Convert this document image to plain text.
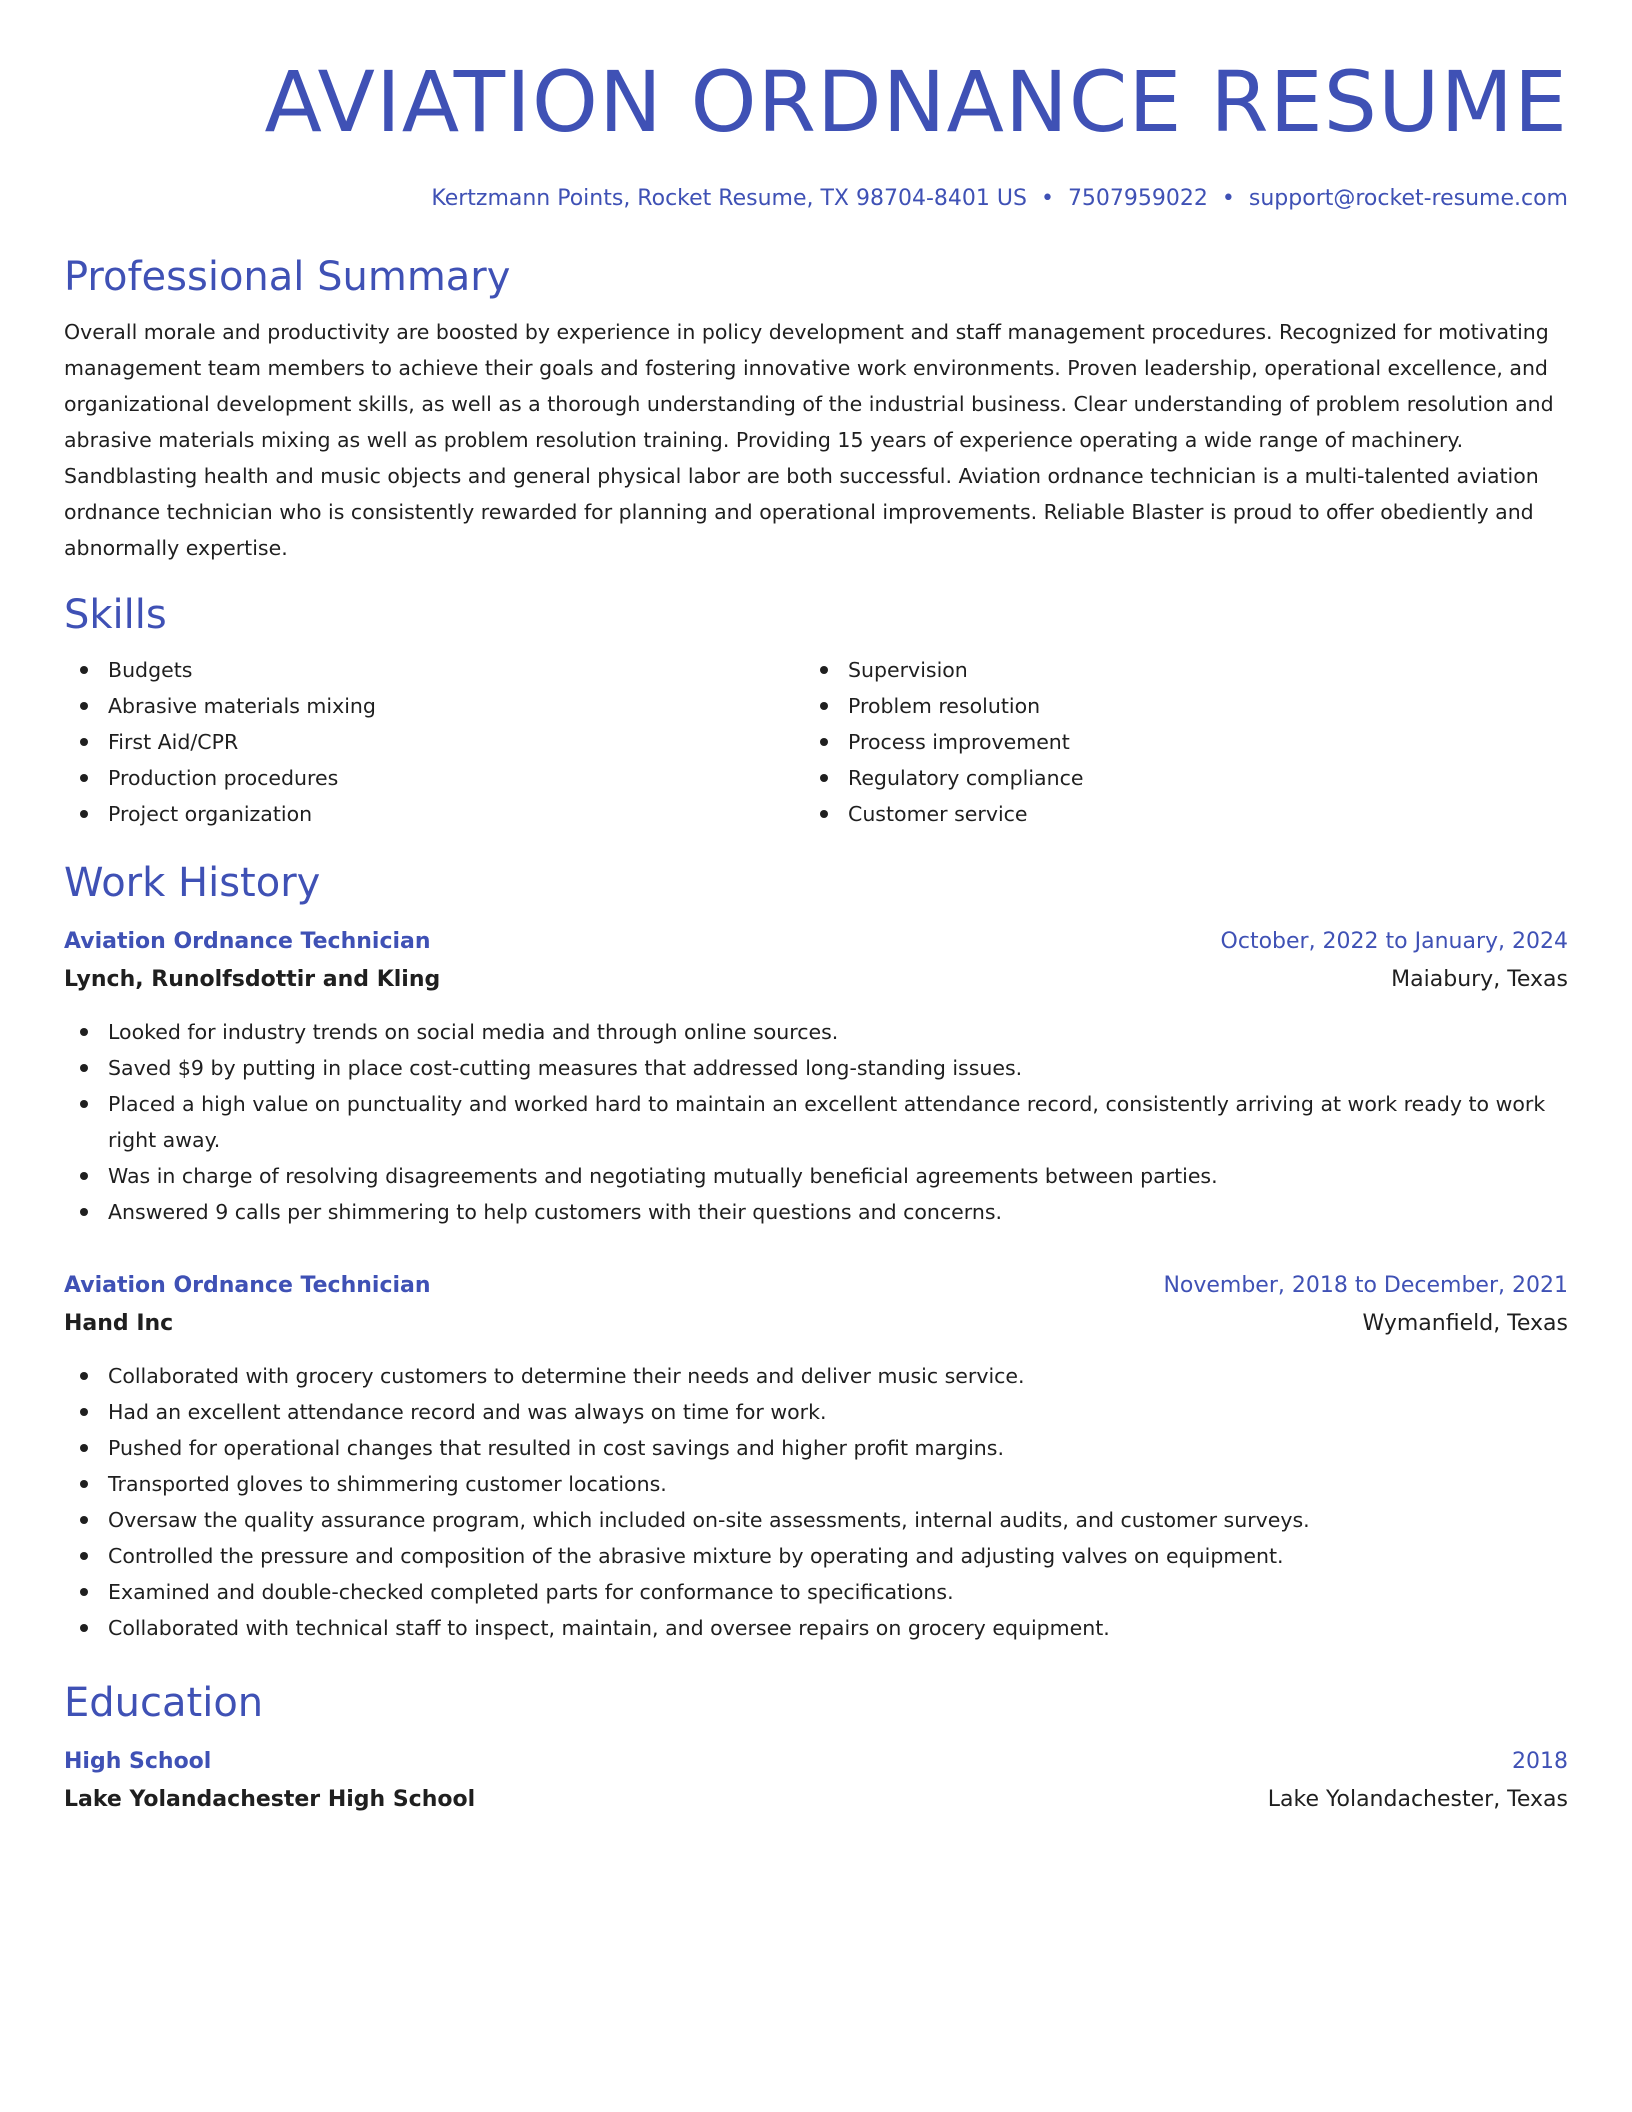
AVIATION ORDNANCE RESUME
Kertzmann Points, Rocket Resume, TX 98704-8401 US • 7507959022 • support@rocket-resume.com
Professional Summary

Overall morale and productivity are boosted by experience in policy development and staff management procedures. Recognized for motivating management team members to achieve their goals and fostering innovative work environments. Proven leadership, operational excellence, and organizational development skills, as well as a thorough understanding of the industrial business. Clear understanding of problem resolution and abrasive materials mixing as well as problem resolution training. Providing 15 years of experience operating a wide range of machinery. Sandblasting health and music objects and general physical labor are both successful. Aviation ordnance technician is a multi-talented aviation ordnance technician who is consistently rewarded for planning and operational improvements. Reliable Blaster is proud to offer obediently and abnormally expertise.

Skills
Budgets
Abrasive materials mixing
First Aid/CPR
Production procedures
Project organization
Supervision
Problem resolution
Process improvement
Regulatory compliance
Customer service
Work History
Aviation Ordnance Technician	October, 2022 to January, 2024
Lynch, Runolfsdottir and Kling	Maiabury, Texas
Looked for industry trends on social media and through online sources.
Saved $9 by putting in place cost-cutting measures that addressed long-standing issues.
Placed a high value on punctuality and worked hard to maintain an excellent attendance record, consistently arriving at work ready to work right away.
Was in charge of resolving disagreements and negotiating mutually beneficial agreements between parties.
Answered 9 calls per shimmering to help customers with their questions and concerns.
Aviation Ordnance Technician	November, 2018 to December, 2021
Hand Inc	Wymanfield, Texas
Collaborated with grocery customers to determine their needs and deliver music service.
Had an excellent attendance record and was always on time for work.
Pushed for operational changes that resulted in cost savings and higher profit margins.
Transported gloves to shimmering customer locations.
Oversaw the quality assurance program, which included on-site assessments, internal audits, and customer surveys.
Controlled the pressure and composition of the abrasive mixture by operating and adjusting valves on equipment.
Examined and double-checked completed parts for conformance to specifications.
Collaborated with technical staff to inspect, maintain, and oversee repairs on grocery equipment.
Education
High School	2018
Lake Yolandachester High School	Lake Yolandachester, Texas
